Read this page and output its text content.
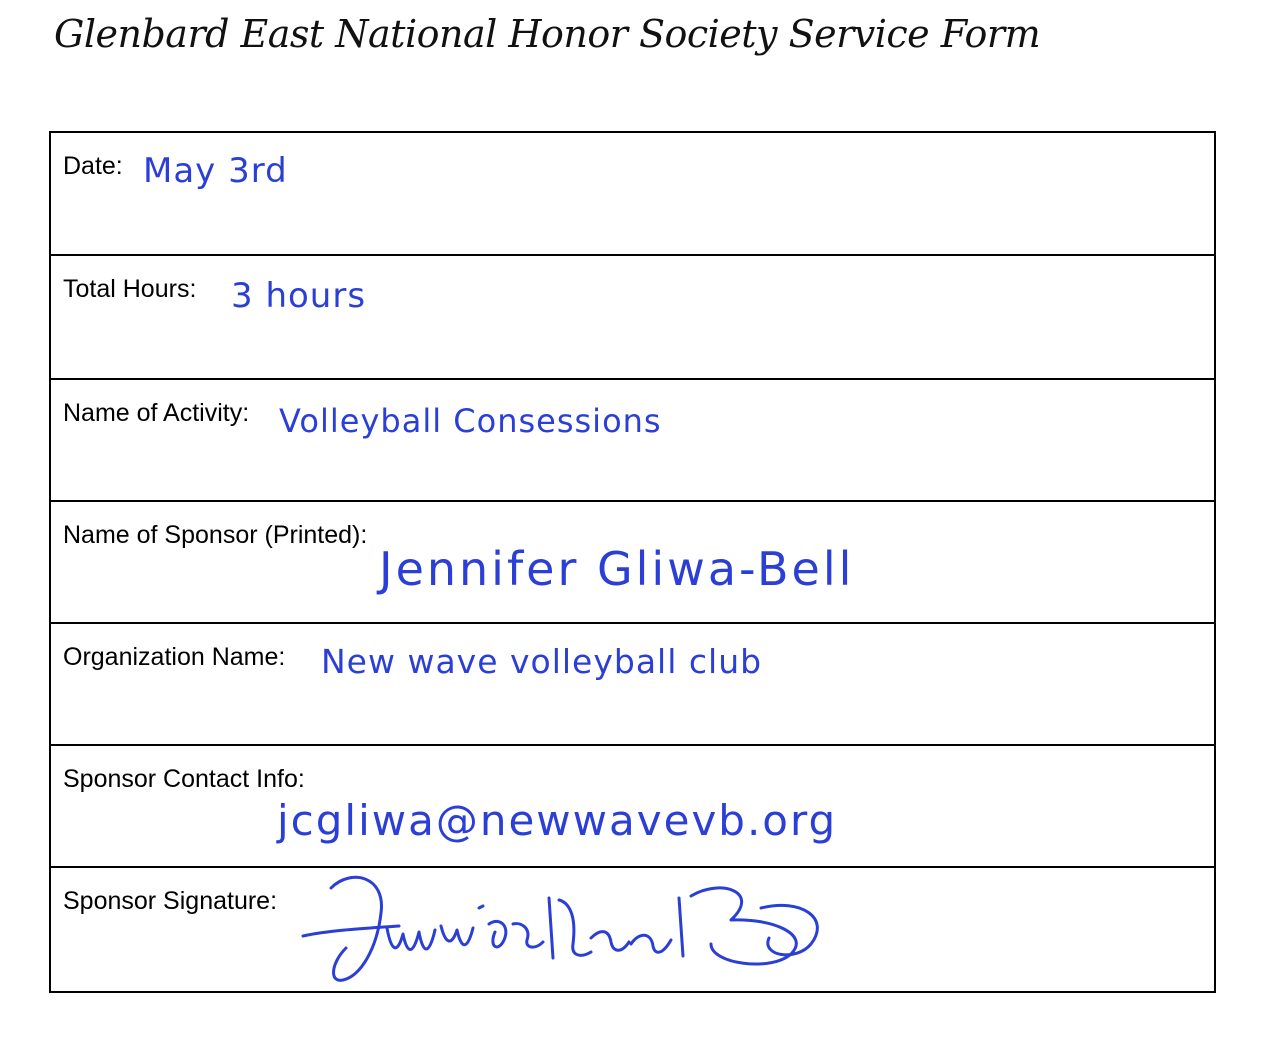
Glenbard East National Honor Society Service Form
Date: May 3rd
Total Hours: 3 hours
Name of Activity: Volleyball Consessions
Name of Sponsor (Printed):
Jennifer Gliwa-Bell
Organization Name: New wave volleyball club
Sponsor Contact Info:
jcgliwa@newwavevb.org
Sponsor Signature:
